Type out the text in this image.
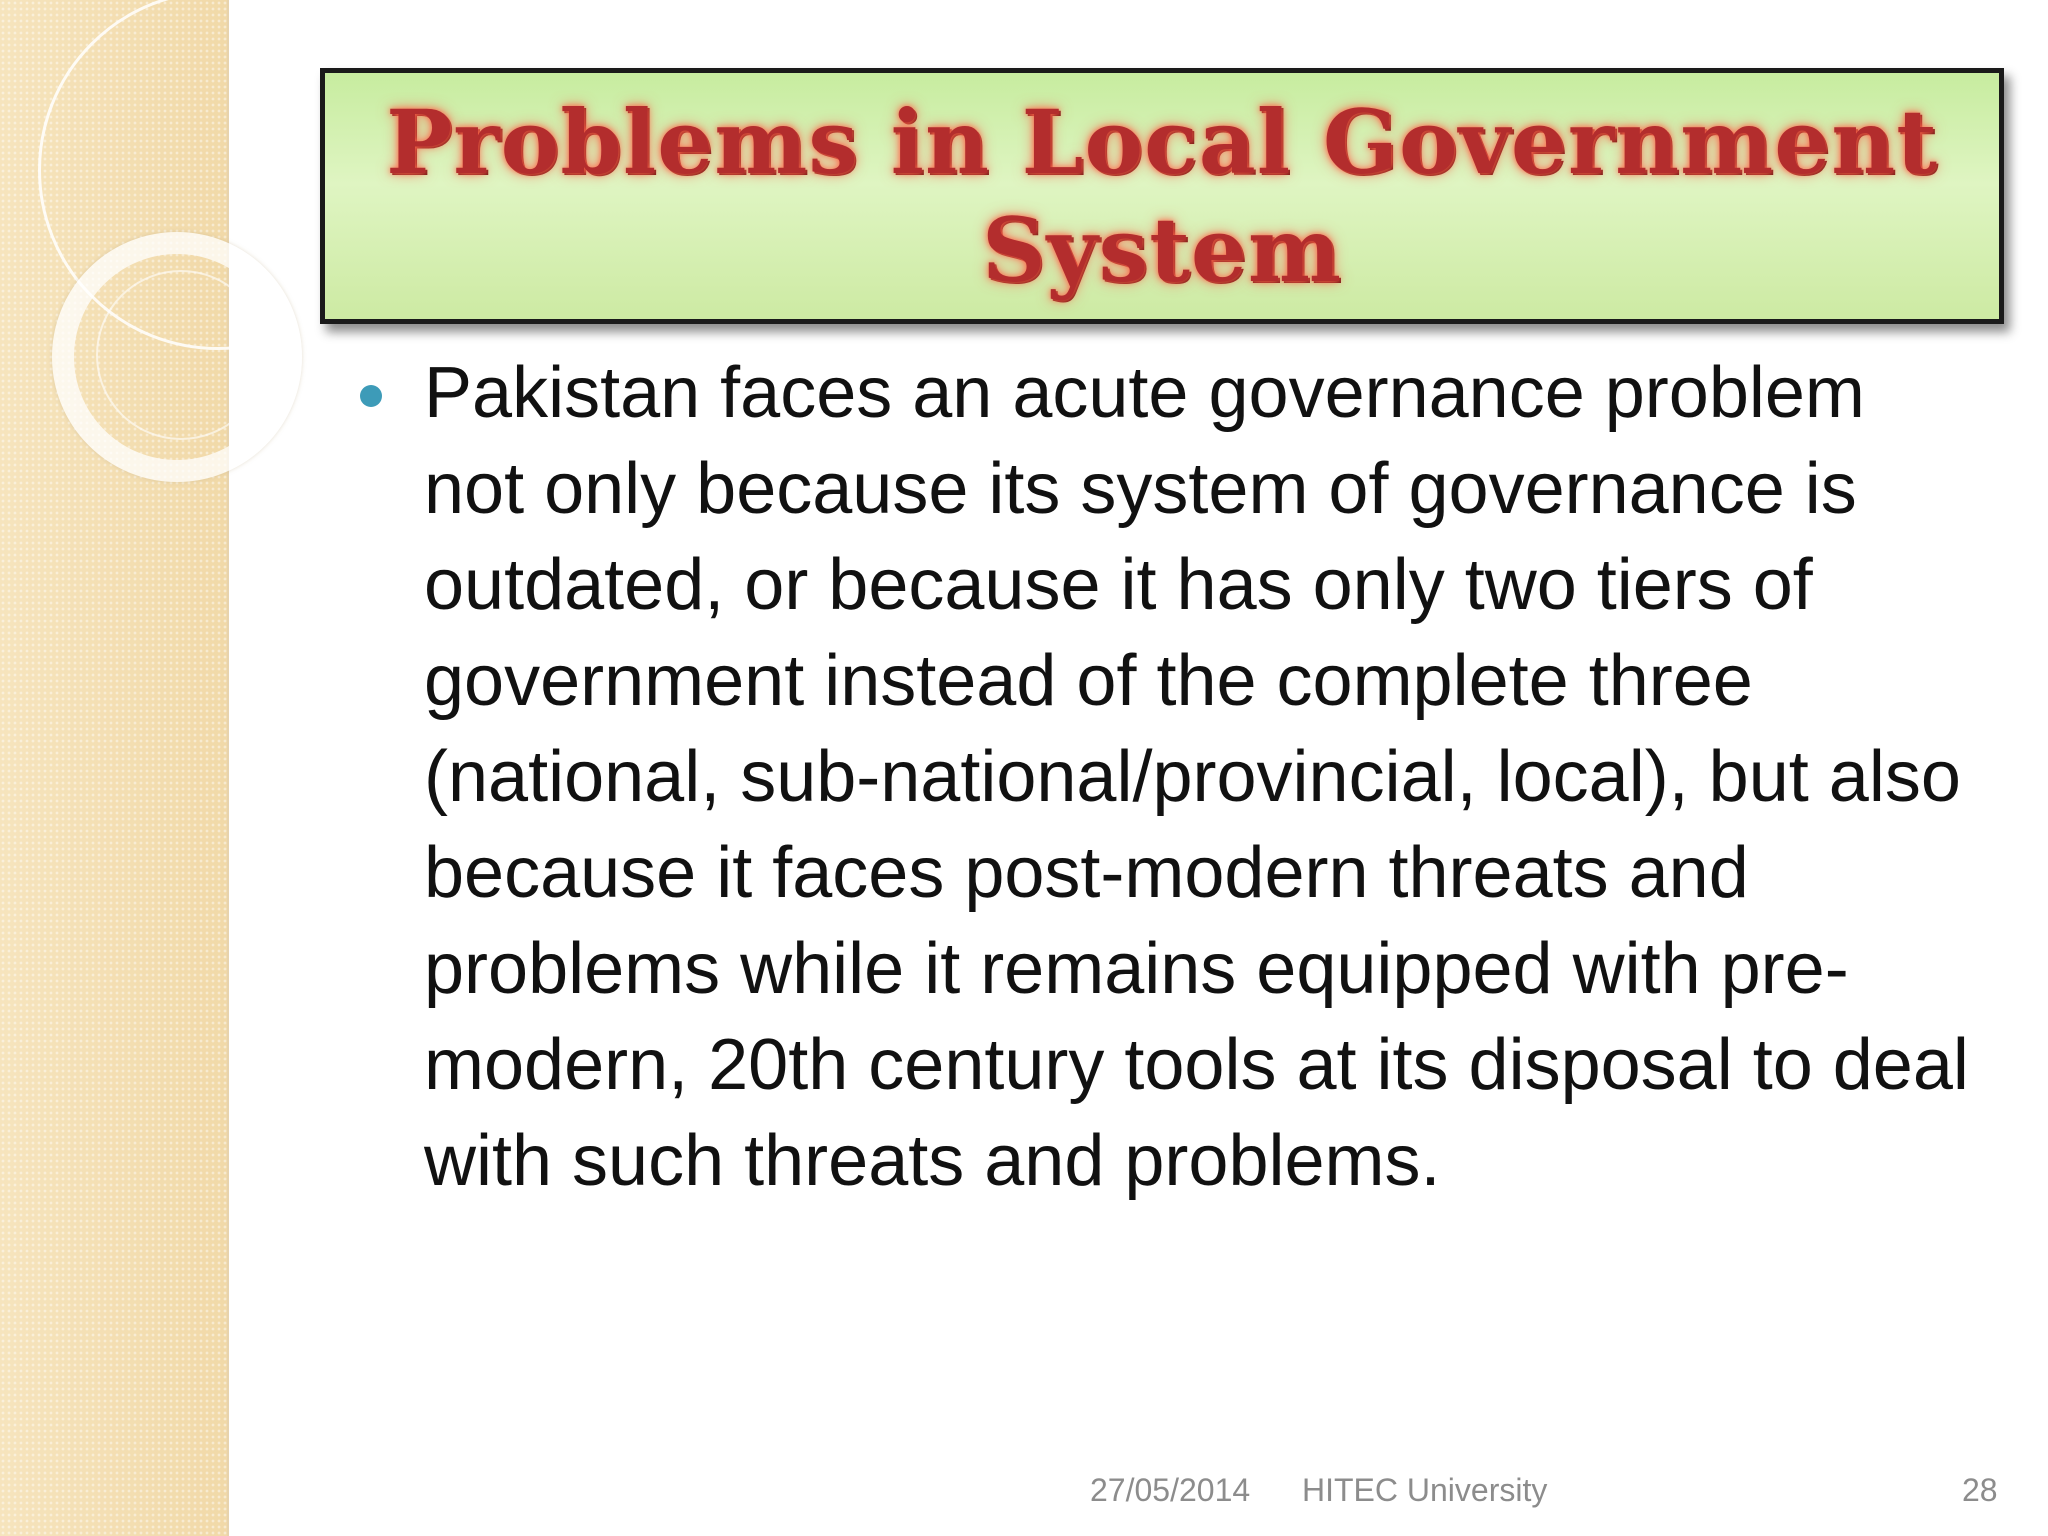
Problems in Local Government System

Pakistan faces an acute governance problem not only because its system of governance is outdated, or because it has only two tiers of government instead of the complete three (national, sub-national/provincial, local), but also because it faces post-modern threats and problems while it remains equipped with pre-modern, 20th century tools at its disposal to deal with such threats and problems.

27/05/2014 HITEC University	28
